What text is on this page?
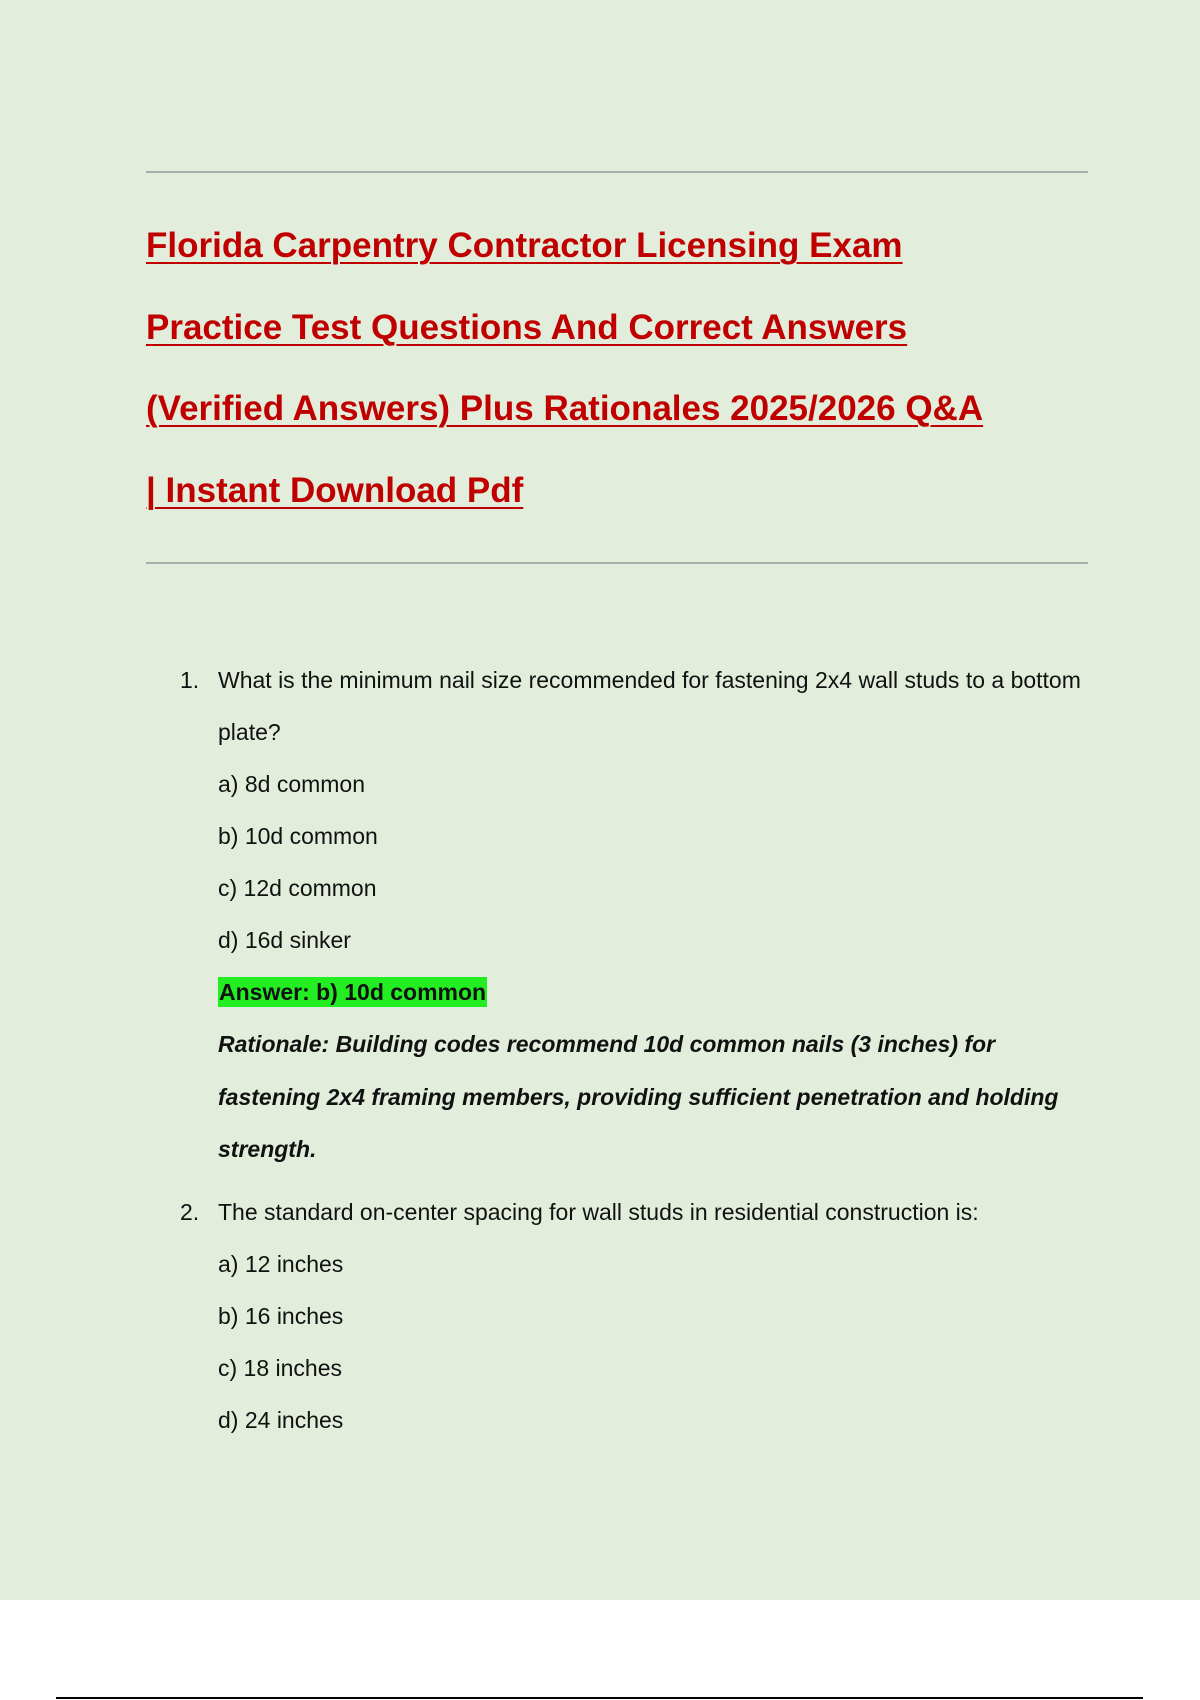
Florida Carpentry Contractor Licensing Exam
Practice Test Questions And Correct Answers
(Verified Answers) Plus Rationales 2025/2026 Q&A
| Instant Download Pdf
1. What is the minimum nail size recommended for fastening 2x4 wall studs to a bottom plate?
a) 8d common
b) 10d common
c) 12d common
d) 16d sinker
Answer: b) 10d common
Rationale: Building codes recommend 10d common nails (3 inches) for fastening 2x4 framing members, providing sufficient penetration and holding strength.
2. The standard on-center spacing for wall studs in residential construction is:
a) 12 inches
b) 16 inches
c) 18 inches
d) 24 inches
